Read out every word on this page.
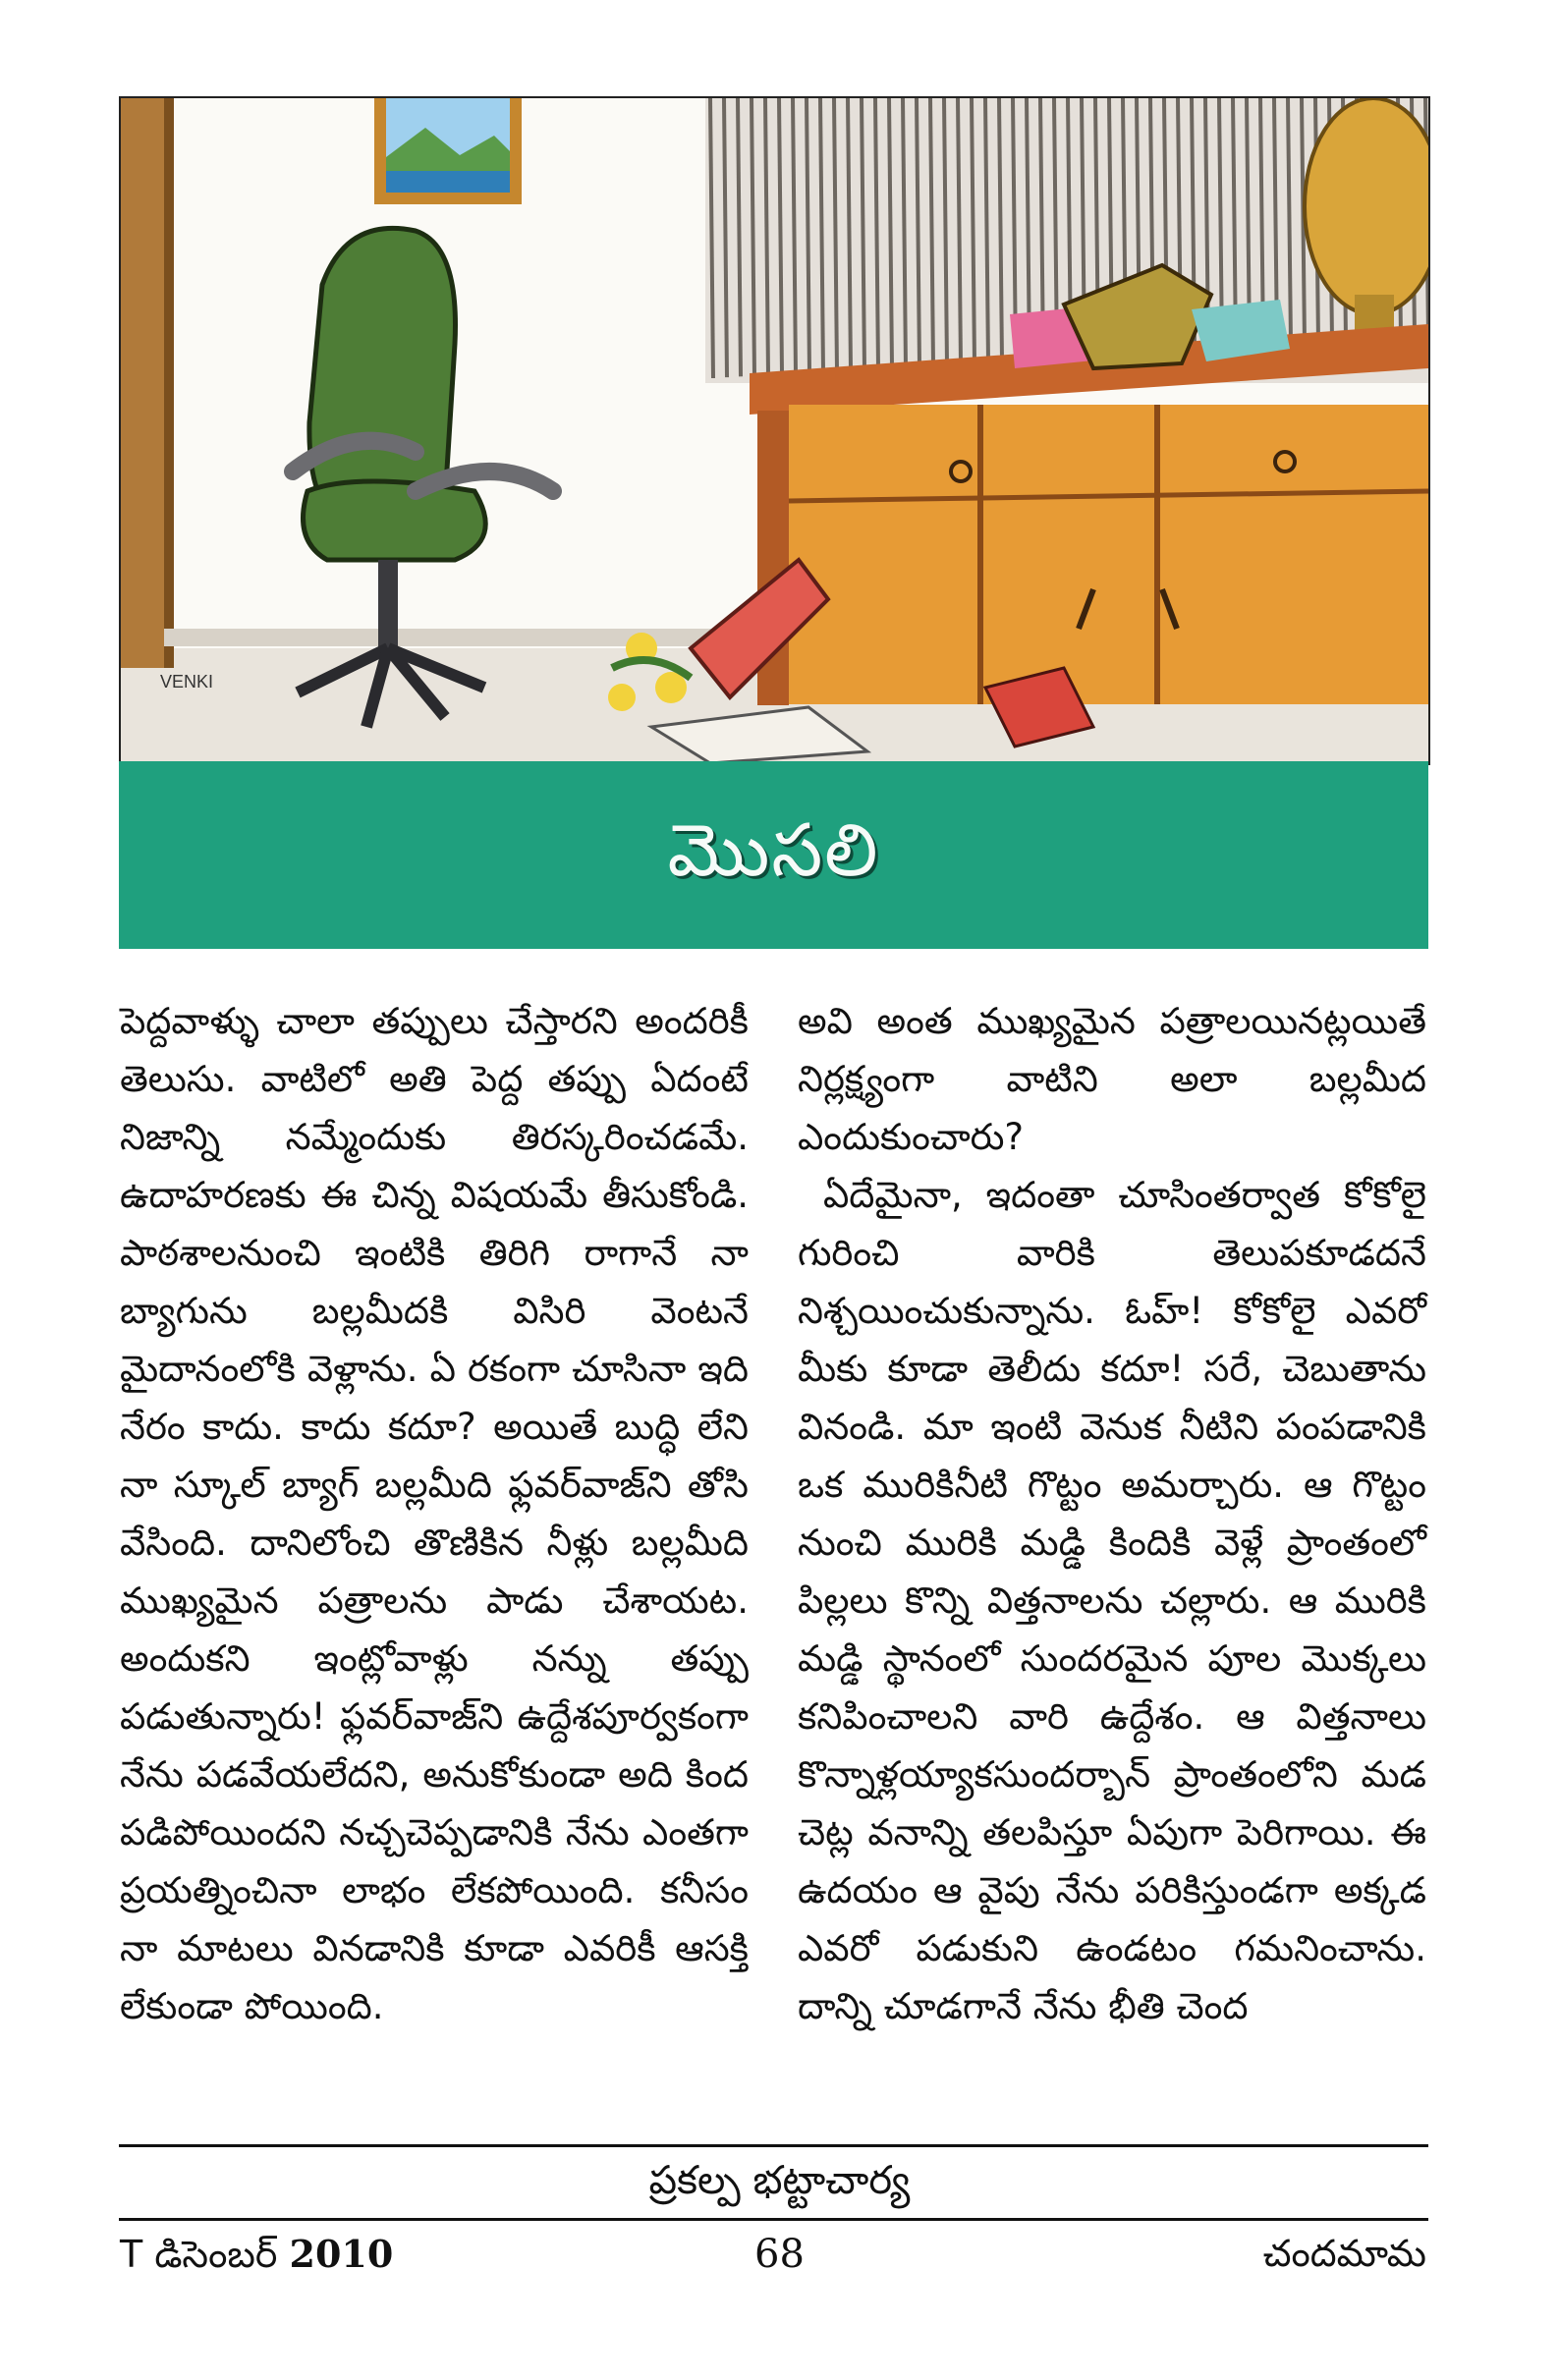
VENKI
మొసలి

పెద్దవాళ్ళు చాలా తప్పులు చేస్తారని అందరికీ తెలుసు. వాటిలో అతి పెద్ద తప్పు ఏదంటే నిజాన్ని నమ్మేందుకు తిరస్కరించడమే. ఉదాహరణకు ఈ చిన్న విషయమే తీసుకోండి. పాఠశాలనుంచి ఇంటికి తిరిగి రాగానే నా బ్యాగును బల్లమీదకి విసిరి వెంటనే మైదానంలోకి వెళ్లాను. ఏ రకంగా చూసినా ఇది నేరం కాదు. కాదు కదూ? అయితే బుద్ధి లేని నా స్కూల్ బ్యాగ్ బల్లమీది ఫ్లవర్‌వాజ్‌ని తోసి వేసింది. దానిలోంచి తొణికిన నీళ్లు బల్లమీది ముఖ్యమైన పత్రాలను పాడు చేశాయట. అందుకని ఇంట్లోవాళ్లు నన్ను తప్పు పడుతున్నారు! ఫ్లవర్‌వాజ్‌ని ఉద్దేశపూర్వకంగా నేను పడవేయలేదని, అనుకోకుండా అది కింద పడిపోయిందని నచ్చచెప్పడానికి నేను ఎంతగా ప్రయత్నించినా లాభం లేకపోయింది. కనీసం నా మాటలు వినడానికి కూడా ఎవరికీ ఆసక్తి లేకుండా పోయింది.

అవి అంత ముఖ్యమైన పత్రాలయినట్లయితే నిర్లక్ష్యంగా వాటిని అలా బల్లమీద ఎందుకుంచారు?

ఏదేమైనా, ఇదంతా చూసింతర్వాత కోకోలై గురించి వారికి తెలుపకూడదనే నిశ్చయించుకున్నాను. ఓహ్! కోకోలై ఎవరో మీకు కూడా తెలీదు కదూ! సరే, చెబుతాను వినండి. మా ఇంటి వెనుక నీటిని పంపడానికి ఒక మురికినీటి గొట్టం అమర్చారు. ఆ గొట్టం నుంచి మురికి మడ్డి కిందికి వెళ్లే ప్రాంతంలో పిల్లలు కొన్ని విత్తనాలను చల్లారు. ఆ మురికి మడ్డి స్థానంలో సుందరమైన పూల మొక్కలు కనిపించాలని వారి ఉద్దేశం. ఆ విత్తనాలు కొన్నాళ్లయ్యాకసుందర్బాన్ ప్రాంతంలోని మడ చెట్ల వనాన్ని తలపిస్తూ ఏపుగా పెరిగాయి. ఈ ఉదయం ఆ వైపు నేను పరికిస్తుండగా అక్కడ ఎవరో పడుకుని ఉండటం గమనించాను. దాన్ని చూడగానే నేను భీతి చెంద

ప్రకల్ప భట్టాచార్య
T డిసెంబర్ 2010	68	చందమామ
